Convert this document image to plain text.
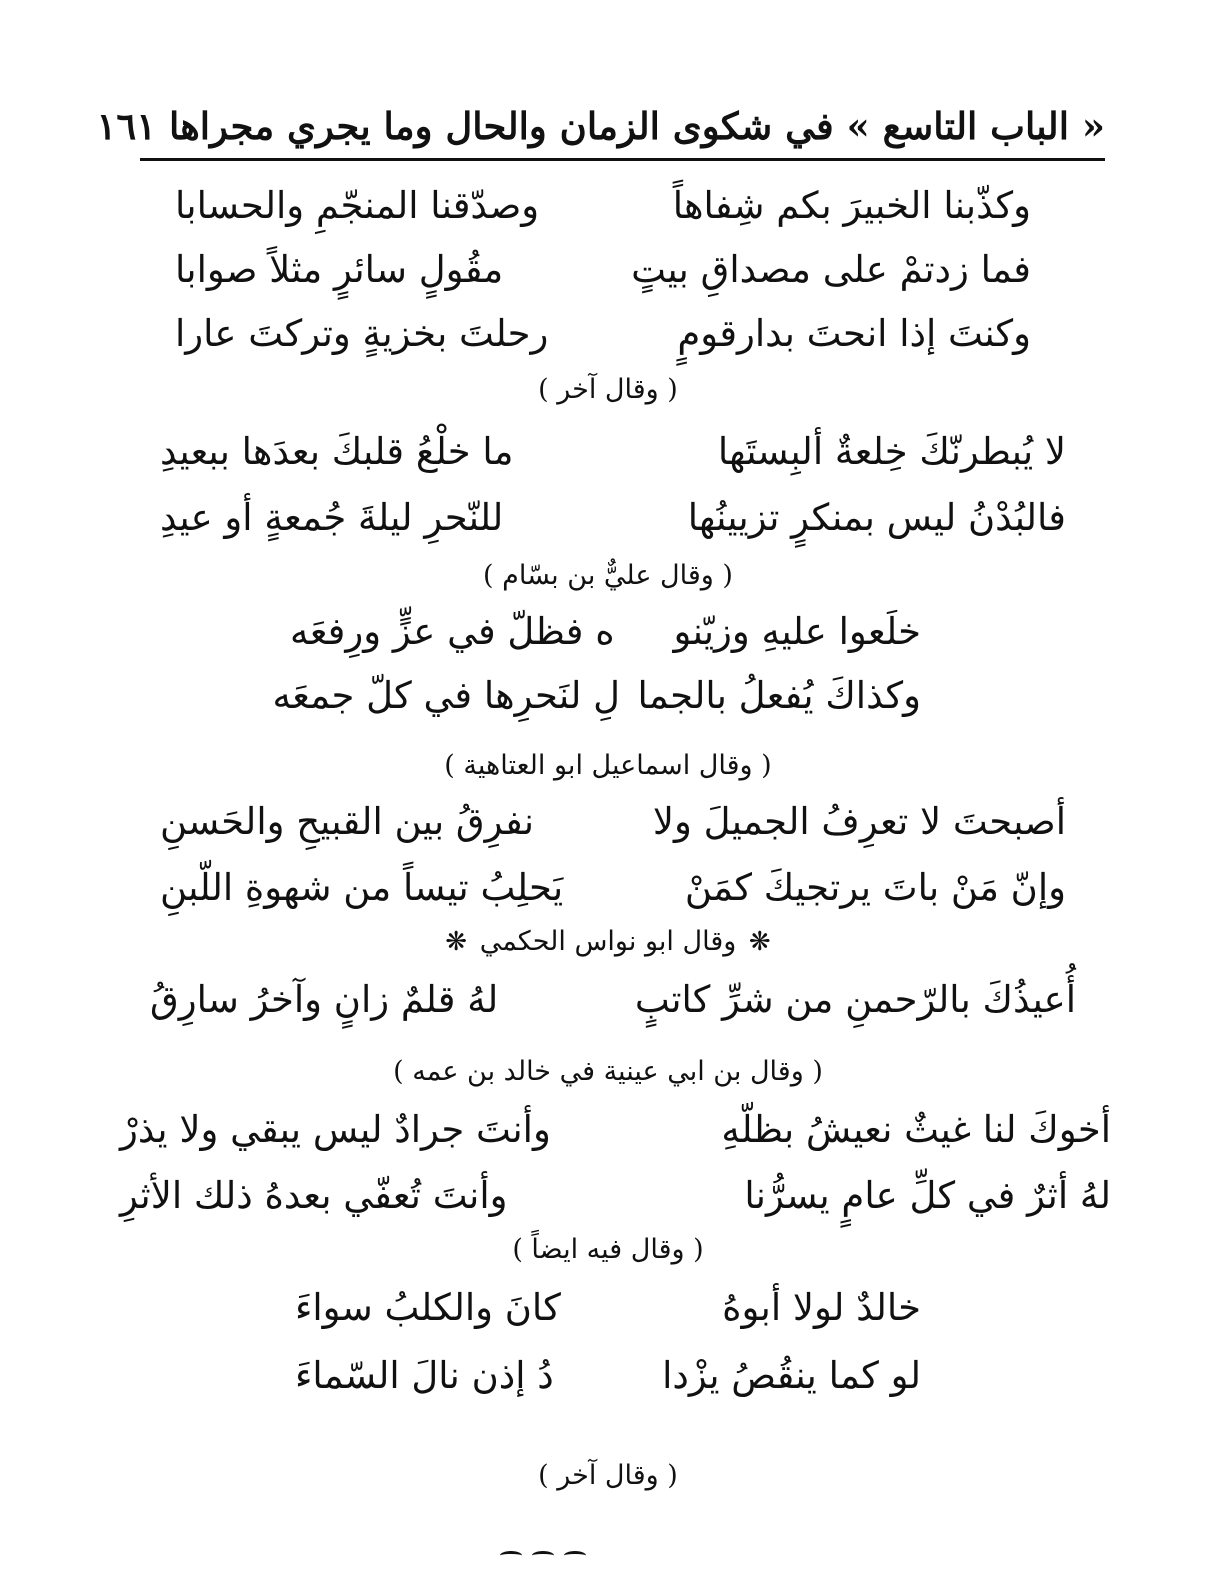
« الباب التاسع » في شكوى الزمان والحال وما يجري مجراها ١٦١
وكذّبنا الخبيرَ بكم شِفاهاً
وصدّقنا المنجّمِ والحسابا
فما زدتمْ على مصداقِ بيتٍ
مقُولٍ سائرٍ مثلاً صوابا
وكنتَ إذا انحتَ بدارقومٍ
رحلتَ بخزيةٍ وتركتَ عارا
( وقال آخر )
لا يُبطرنّكَ خِلعةٌ ألبِستَها
ما خلْعُ قلبكَ بعدَها ببعيدِ
فالبُدْنُ ليس بمنكرٍ تزيينُها
للنّحرِ ليلةَ جُمعةٍ أو عيدِ
( وقال عليٌّ بن بسّام )
خلَعوا عليهِ وزيّنو
ه فظلّ في عزٍّ ورِفعَه
وكذاكَ يُفعلُ بالجما
لِ لنَحرِها في كلّ جمعَه
( وقال اسماعيل ابو العتاهية )
أصبحتَ لا تعرِفُ الجميلَ ولا
نفرِقُ بين القبيحِ والحَسنِ
وإنّ مَنْ باتَ يرتجيكَ كمَنْ
يَحلِبُ تيساً من شهوةِ اللّبنِ
❋ وقال ابو نواس الحكمي ❋
أُعيذُكَ بالرّحمنِ من شرِّ كاتبٍ
لهُ قلمٌ زانٍ وآخرُ سارِقُ
( وقال بن ابي عينية في خالد بن عمه )
أخوكَ لنا غيثٌ نعيشُ بظلّهِ
وأنتَ جرادٌ ليس يبقي ولا يذرْ
لهُ أثرٌ في كلِّ عامٍ يسرُّنا
وأنتَ تُعفّي بعدهُ ذلك الأثرِ
( وقال فيه ايضاً )
خالدٌ لولا أبوهُ
كانَ والكلبُ سواءَ
لو كما ينقُصُ يزْدا
دُ إذن نالَ السّماءَ
( وقال آخر )
